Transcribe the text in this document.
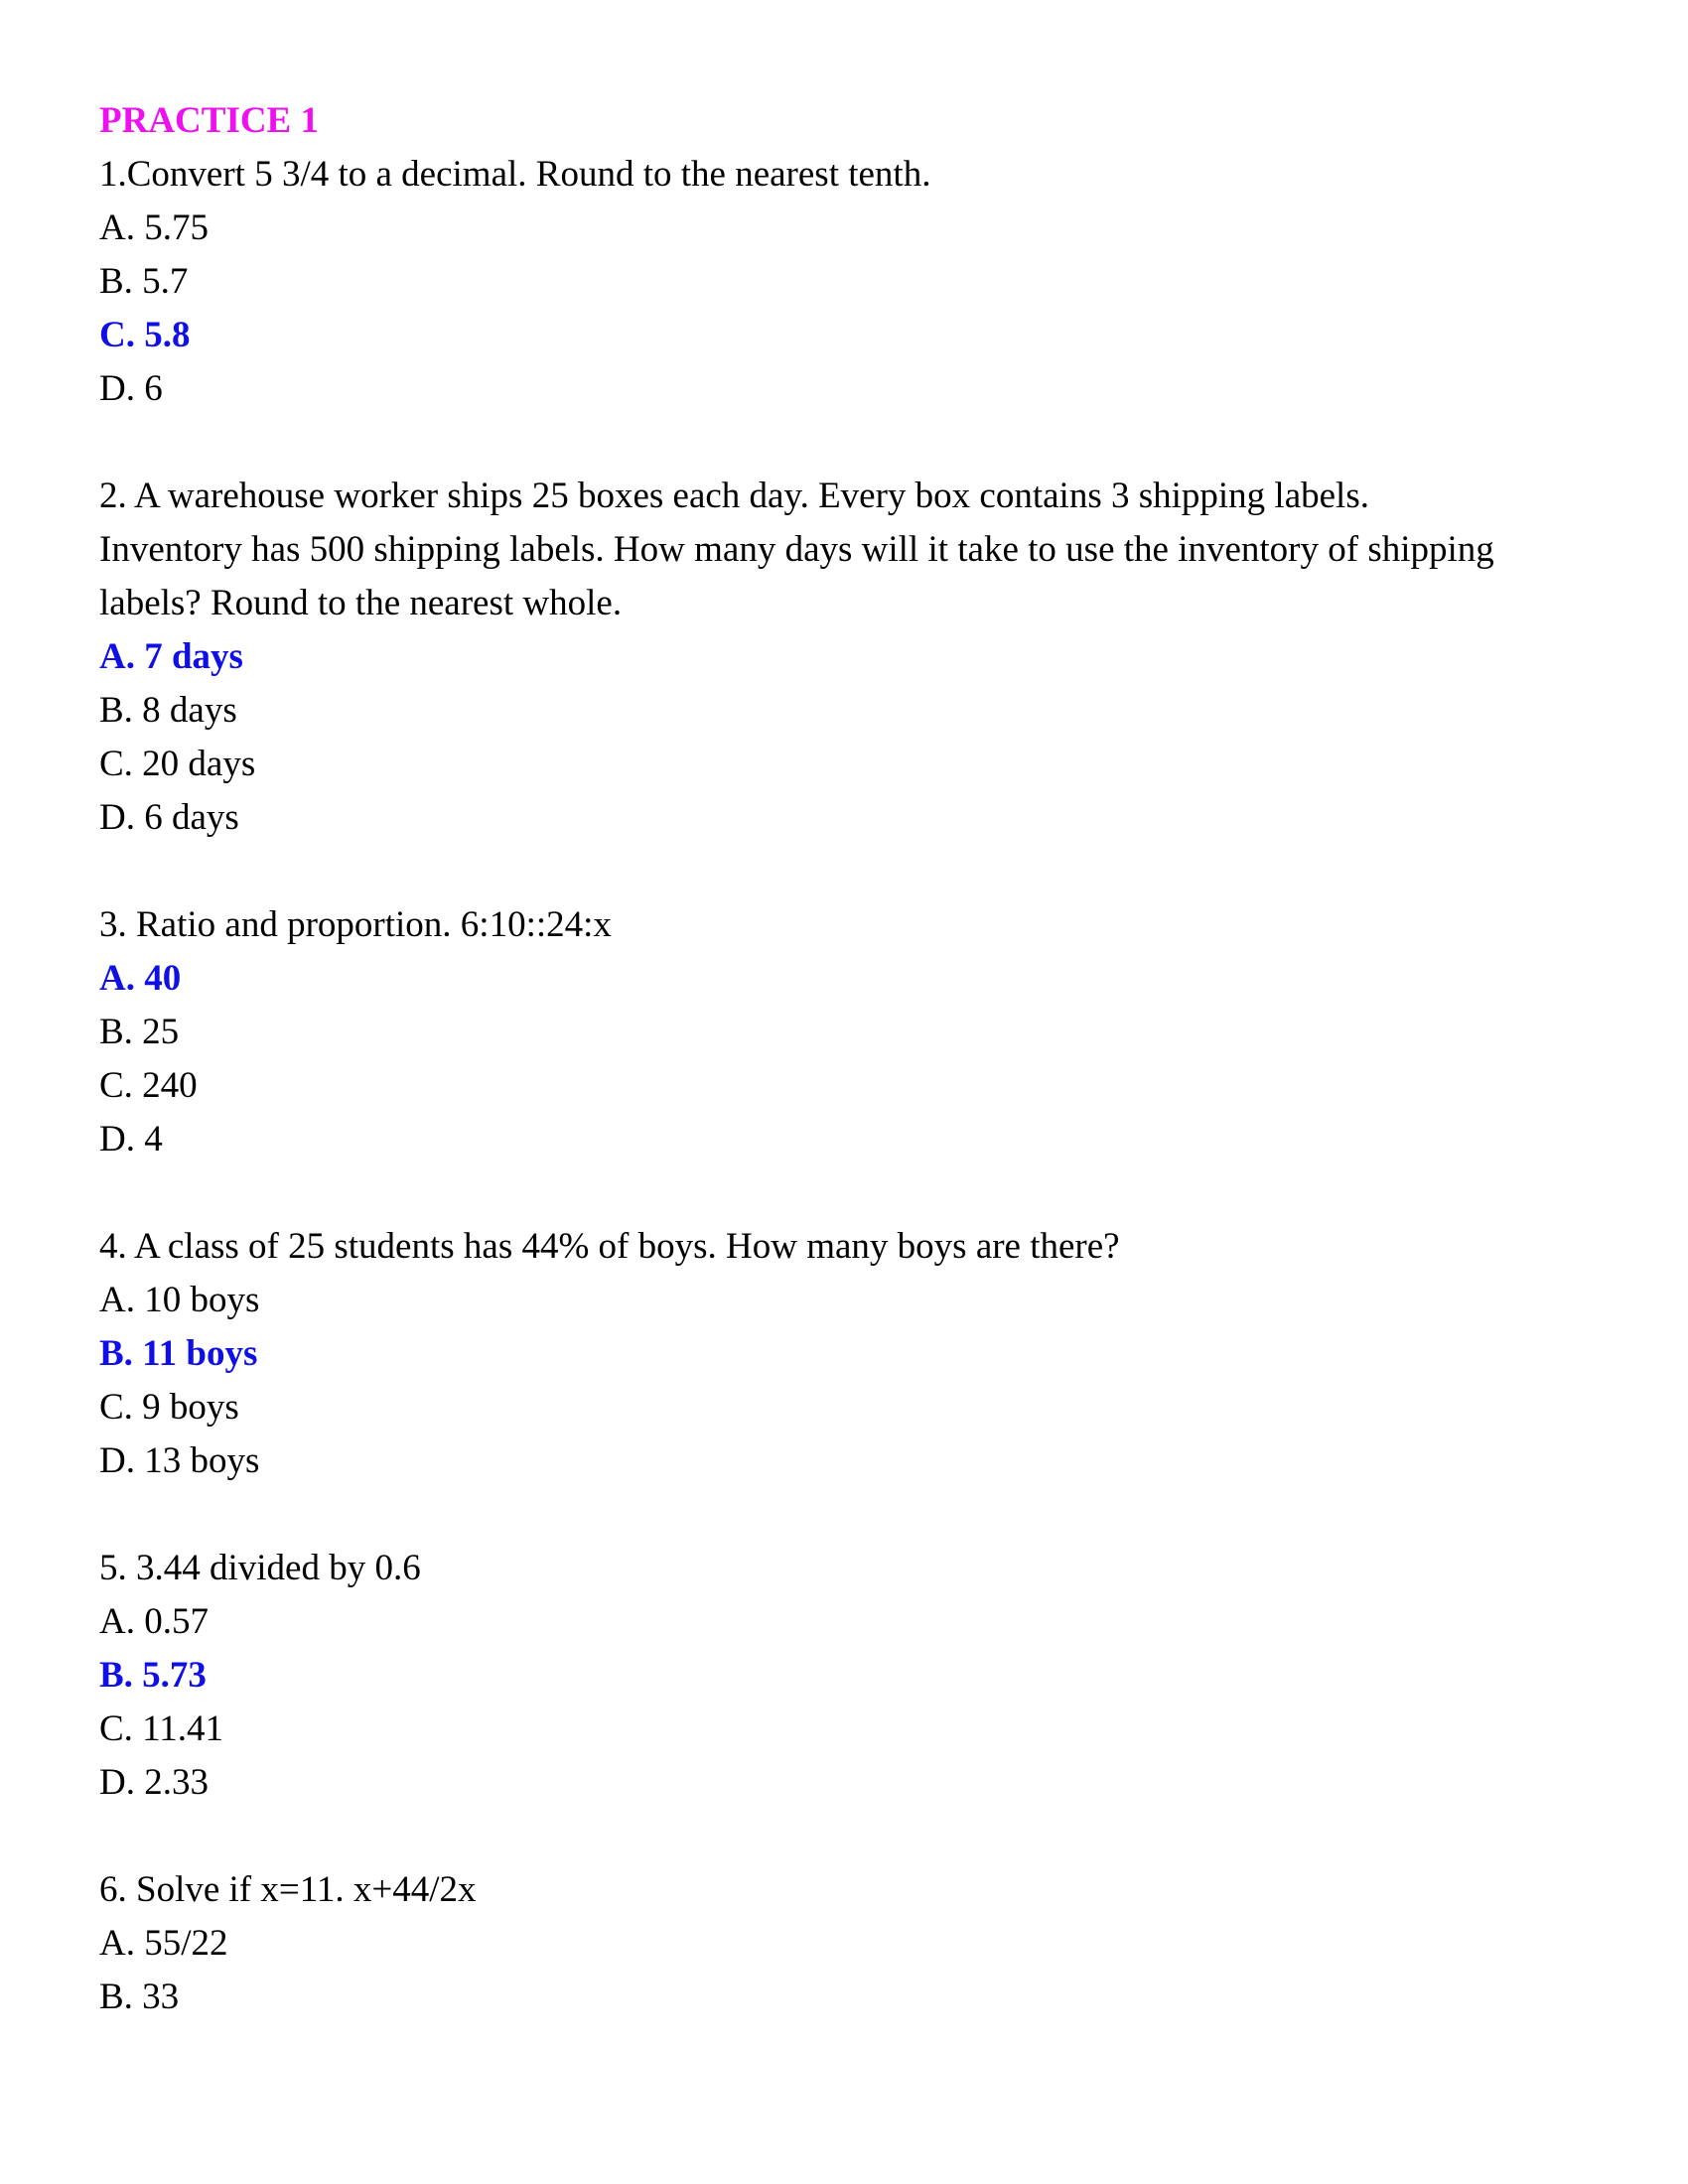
PRACTICE 1
1.Convert 5 3/4 to a decimal. Round to the nearest tenth.
A. 5.75
B. 5.7
C. 5.8
D. 6
2. A warehouse worker ships 25 boxes each day. Every box contains 3 shipping labels.
Inventory has 500 shipping labels. How many days will it take to use the inventory of shipping
labels? Round to the nearest whole.
A. 7 days
B. 8 days
C. 20 days
D. 6 days
3. Ratio and proportion. 6:10::24:x
A. 40
B. 25
C. 240
D. 4
4. A class of 25 students has 44% of boys. How many boys are there?
A. 10 boys
B. 11 boys
C. 9 boys
D. 13 boys
5. 3.44 divided by 0.6
A. 0.57
B. 5.73
C. 11.41
D. 2.33
6. Solve if x=11. x+44/2x
A. 55/22
B. 33
